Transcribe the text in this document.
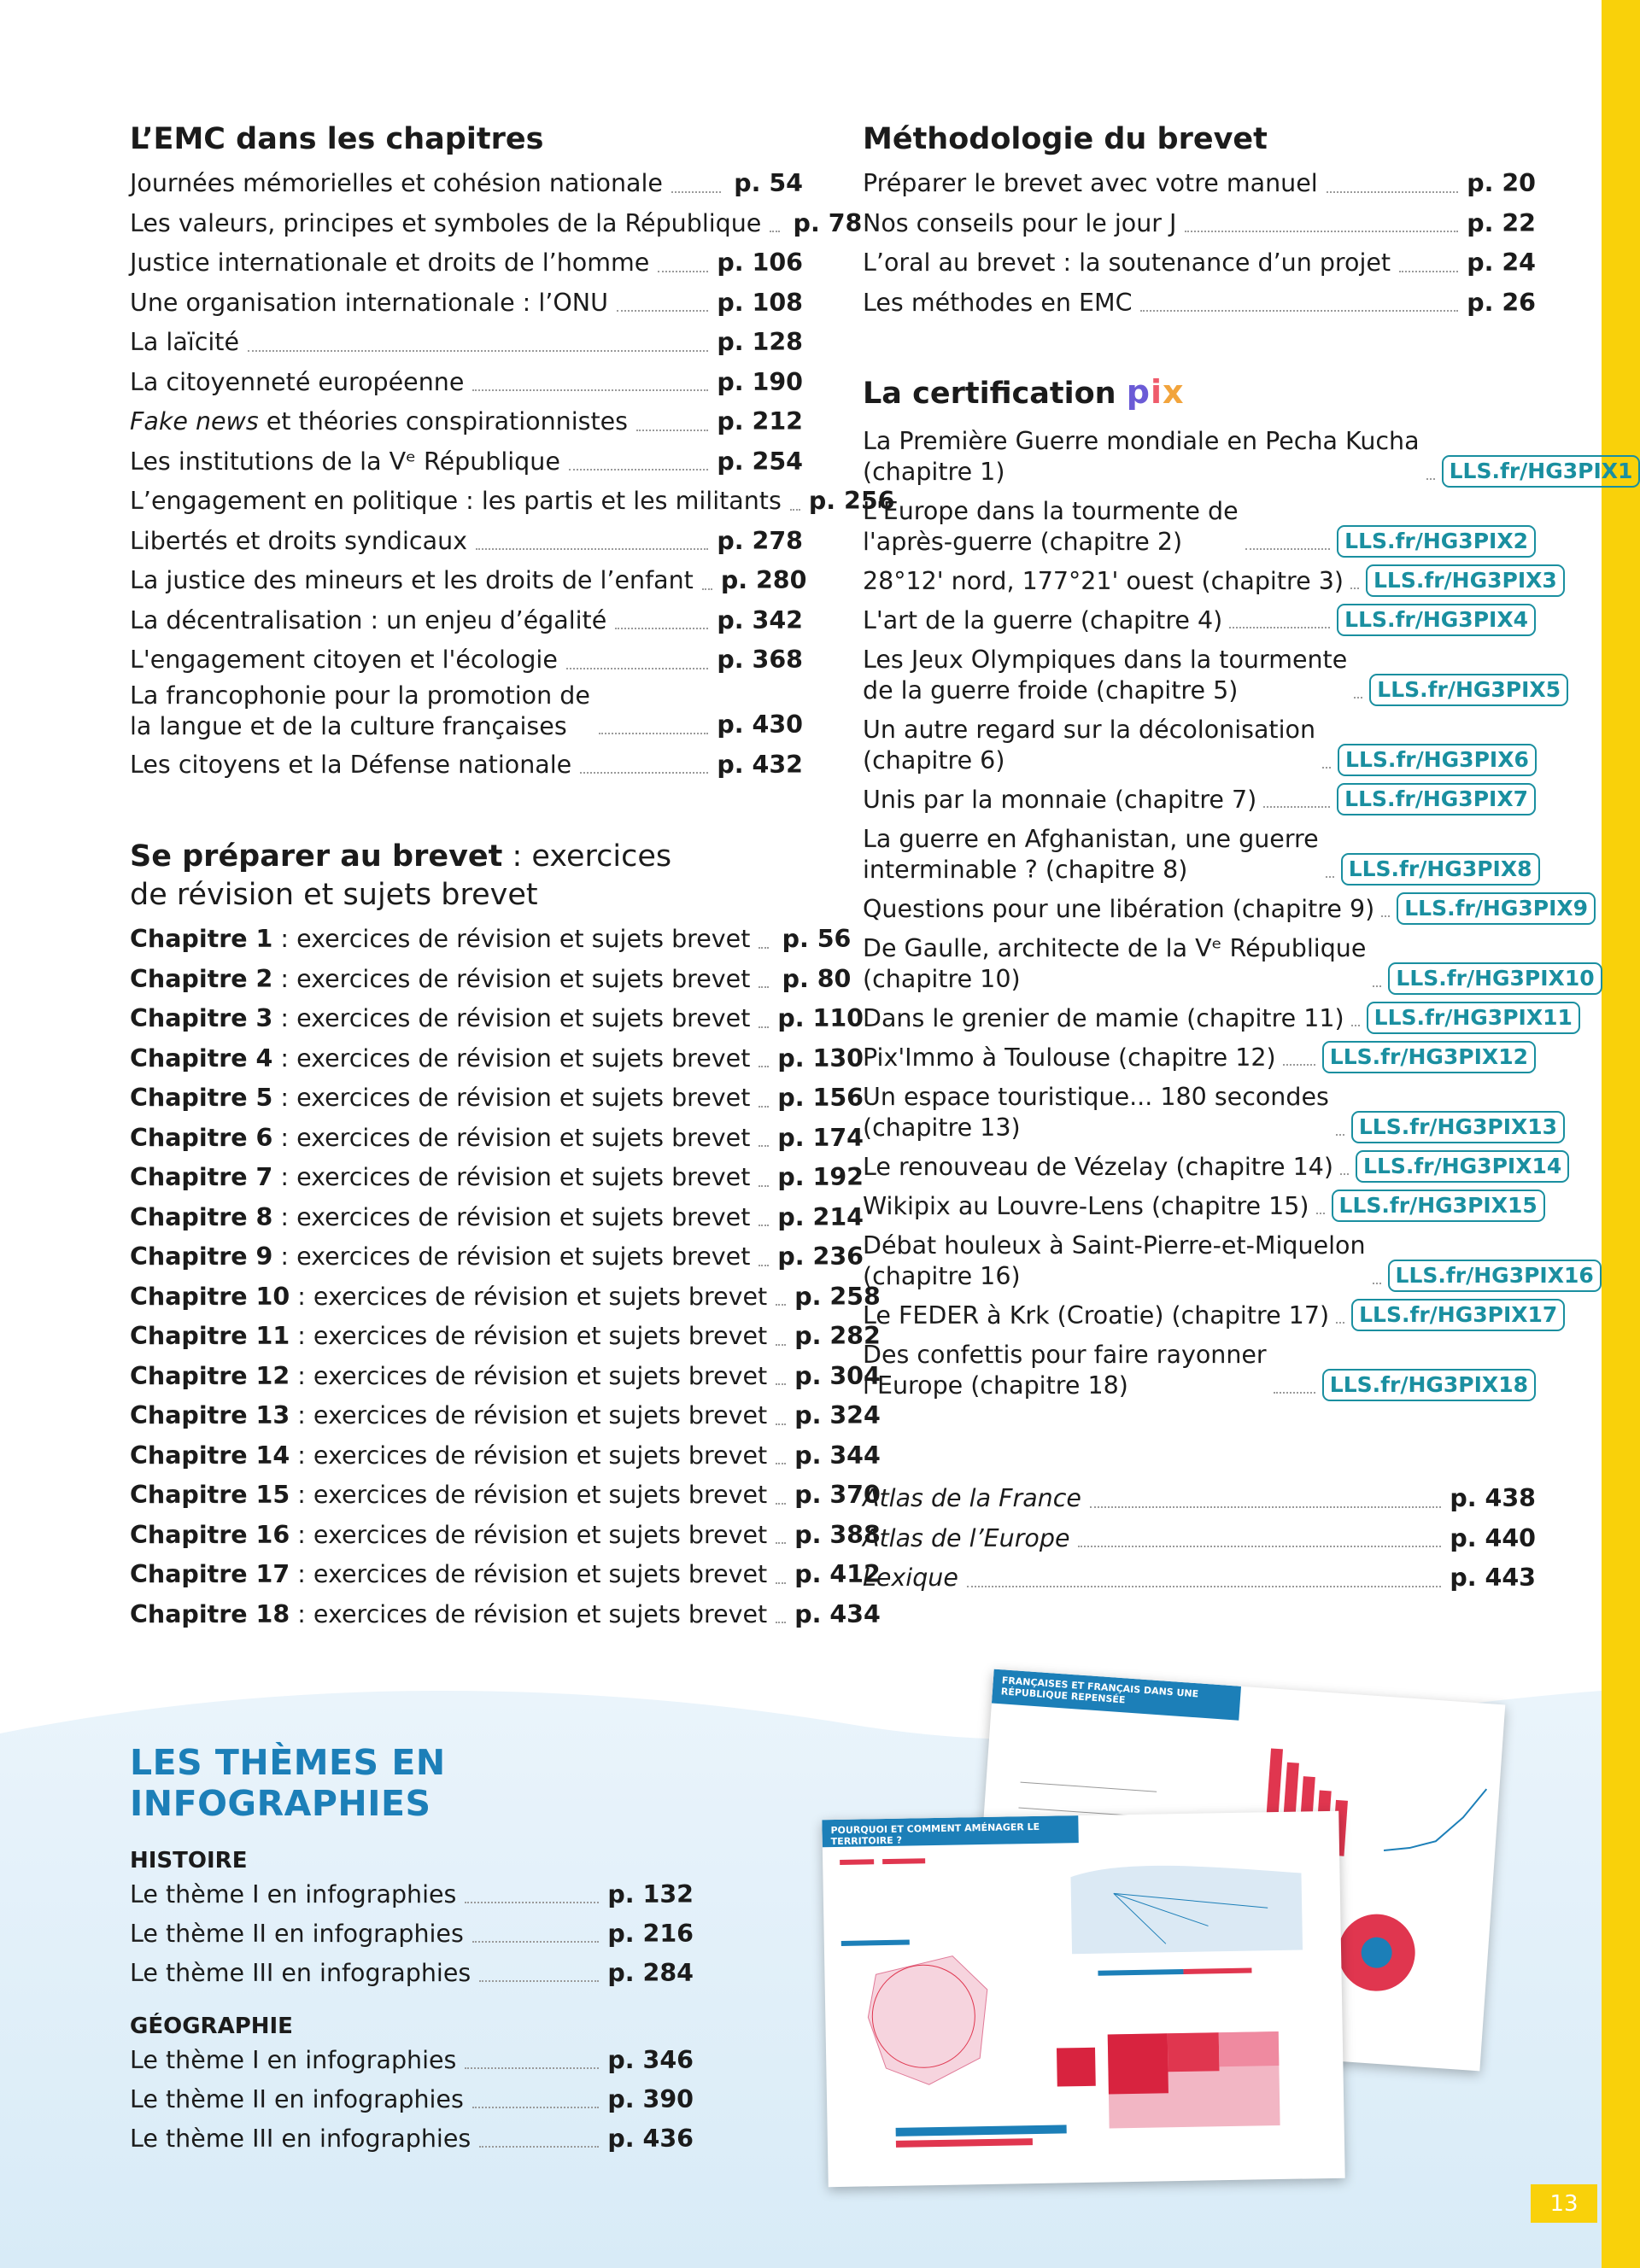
L’EMC dans les chapitres
Journées mémorielles et cohésion nationale	p. 54
Les valeurs, principes et symboles de la République p. 78
Justice internationale et droits de l’homme	p. 106
Une organisation internationale : l’ONU	p. 108
La laïcité	p. 128
La citoyenneté européenne	p. 190
Fake news et théories conspirationnistes	p. 212
Les institutions de la Vᵉ République	p. 254
L’engagement en politique : les partis et les militants p. 256
Libertés et droits syndicaux	p. 278
La justice des mineurs et les droits de l’enfant p. 280
La décentralisation : un enjeu d’égalité	p. 342
L'engagement citoyen et l'écologie	p. 368
La francophonie pour la promotion de
la langue et de la culture françaises	p. 430
Les citoyens et la Défense nationale	p. 432
Se préparer au brevet : exercices
de révision et sujets brevet
Chapitre 1 : exercices de révision et sujets brevet p. 56
Chapitre 2 : exercices de révision et sujets brevet p. 80
Chapitre 3 : exercices de révision et sujets brevet p. 110
Chapitre 4 : exercices de révision et sujets brevet p. 130
Chapitre 5 : exercices de révision et sujets brevet p. 156
Chapitre 6 : exercices de révision et sujets brevet p. 174
Chapitre 7 : exercices de révision et sujets brevet p. 192
Chapitre 8 : exercices de révision et sujets brevet p. 214
Chapitre 9 : exercices de révision et sujets brevet p. 236
Chapitre 10 : exercices de révision et sujets brevet p. 258
Chapitre 11 : exercices de révision et sujets brevet p. 282
Chapitre 12 : exercices de révision et sujets brevet p. 304
Chapitre 13 : exercices de révision et sujets brevet p. 324
Chapitre 14 : exercices de révision et sujets brevet p. 344
Chapitre 15 : exercices de révision et sujets brevet p. 370
Chapitre 16 : exercices de révision et sujets brevet p. 388
Chapitre 17 : exercices de révision et sujets brevet p. 412
Chapitre 18 : exercices de révision et sujets brevet p. 434
Méthodologie du brevet
Préparer le brevet avec votre manuel	p. 20
Nos conseils pour le jour J	p. 22
L’oral au brevet : la soutenance d’un projet	p. 24
Les méthodes en EMC	p. 26
La certification pix
La Première Guerre mondiale en Pecha Kucha
(chapitre 1)	LLS.fr/HG3PIX1
L'Europe dans la tourmente de
l'après-guerre (chapitre 2)	LLS.fr/HG3PIX2
28°12' nord, 177°21' ouest (chapitre 3)	LLS.fr/HG3PIX3
L'art de la guerre (chapitre 4)	LLS.fr/HG3PIX4
Les Jeux Olympiques dans la tourmente
de la guerre froide (chapitre 5)	LLS.fr/HG3PIX5
Un autre regard sur la décolonisation
(chapitre 6)	LLS.fr/HG3PIX6
Unis par la monnaie (chapitre 7)	LLS.fr/HG3PIX7
La guerre en Afghanistan, une guerre
interminable ? (chapitre 8)	LLS.fr/HG3PIX8
Questions pour une libération (chapitre 9)	LLS.fr/HG3PIX9
De Gaulle, architecte de la Vᵉ République
(chapitre 10)	LLS.fr/HG3PIX10
Dans le grenier de mamie (chapitre 11)	LLS.fr/HG3PIX11
Pix'Immo à Toulouse (chapitre 12)	LLS.fr/HG3PIX12
Un espace touristique... 180 secondes
(chapitre 13)	LLS.fr/HG3PIX13
Le renouveau de Vézelay (chapitre 14)	LLS.fr/HG3PIX14
Wikipix au Louvre-Lens (chapitre 15)	LLS.fr/HG3PIX15
Débat houleux à Saint-Pierre-et-Miquelon
(chapitre 16)	LLS.fr/HG3PIX16
Le FEDER à Krk (Croatie) (chapitre 17)	LLS.fr/HG3PIX17
Des confettis pour faire rayonner
l’Europe (chapitre 18)	LLS.fr/HG3PIX18
Atlas de la France	p. 438
Atlas de l’Europe	p. 440
Lexique	p. 443
FRANÇAISES ET FRANÇAIS DANS UNE RÉPUBLIQUE REPENSÉE
POURQUOI ET COMMENT AMÉNAGER LE TERRITOIRE ?
LES THÈMES EN INFOGRAPHIES
HISTOIRE
Le thème I en infographies	p. 132
Le thème II en infographies	p. 216
Le thème III en infographies	p. 284
GÉOGRAPHIE
Le thème I en infographies	p. 346
Le thème II en infographies	p. 390
Le thème III en infographies	p. 436
13
